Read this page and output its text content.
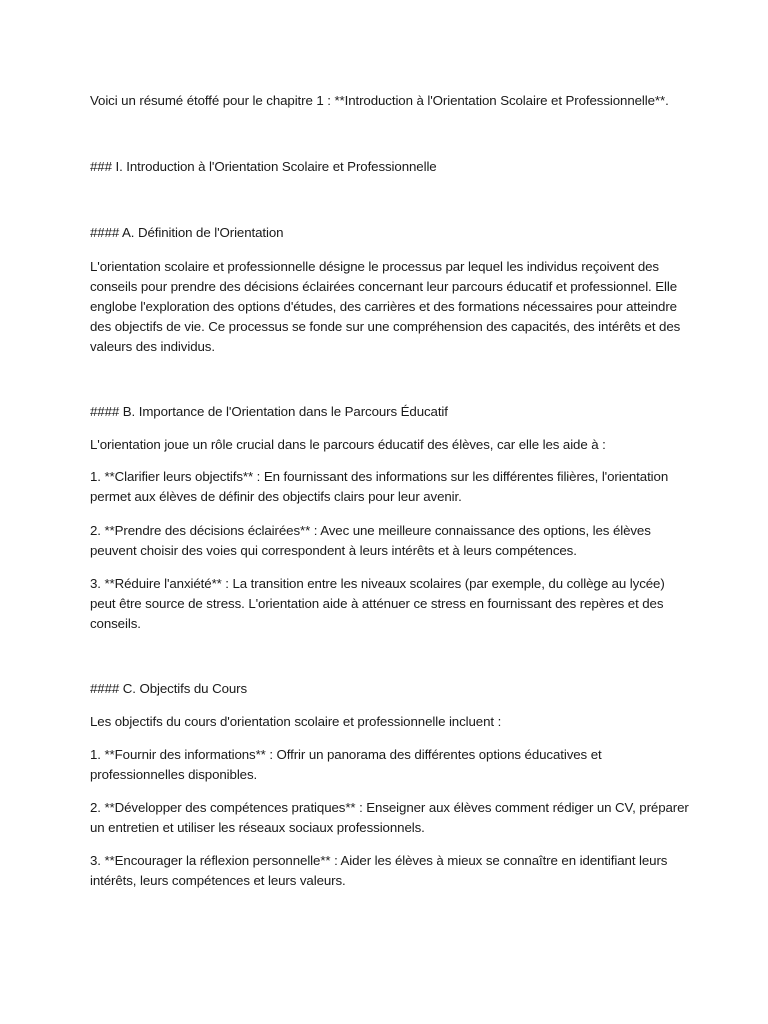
Voici un résumé étoffé pour le chapitre 1 : **Introduction à l'Orientation Scolaire et Professionnelle**.
### I. Introduction à l'Orientation Scolaire et Professionnelle
#### A. Définition de l'Orientation
L'orientation scolaire et professionnelle désigne le processus par lequel les individus reçoivent des
conseils pour prendre des décisions éclairées concernant leur parcours éducatif et professionnel. Elle
englobe l'exploration des options d'études, des carrières et des formations nécessaires pour atteindre
des objectifs de vie. Ce processus se fonde sur une compréhension des capacités, des intérêts et des
valeurs des individus.
#### B. Importance de l'Orientation dans le Parcours Éducatif
L'orientation joue un rôle crucial dans le parcours éducatif des élèves, car elle les aide à :
1. **Clarifier leurs objectifs** : En fournissant des informations sur les différentes filières, l'orientation
permet aux élèves de définir des objectifs clairs pour leur avenir.
2. **Prendre des décisions éclairées** : Avec une meilleure connaissance des options, les élèves
peuvent choisir des voies qui correspondent à leurs intérêts et à leurs compétences.
3. **Réduire l'anxiété** : La transition entre les niveaux scolaires (par exemple, du collège au lycée)
peut être source de stress. L'orientation aide à atténuer ce stress en fournissant des repères et des
conseils.
#### C. Objectifs du Cours
Les objectifs du cours d'orientation scolaire et professionnelle incluent :
1. **Fournir des informations** : Offrir un panorama des différentes options éducatives et
professionnelles disponibles.
2. **Développer des compétences pratiques** : Enseigner aux élèves comment rédiger un CV, préparer
un entretien et utiliser les réseaux sociaux professionnels.
3. **Encourager la réflexion personnelle** : Aider les élèves à mieux se connaître en identifiant leurs
intérêts, leurs compétences et leurs valeurs.
